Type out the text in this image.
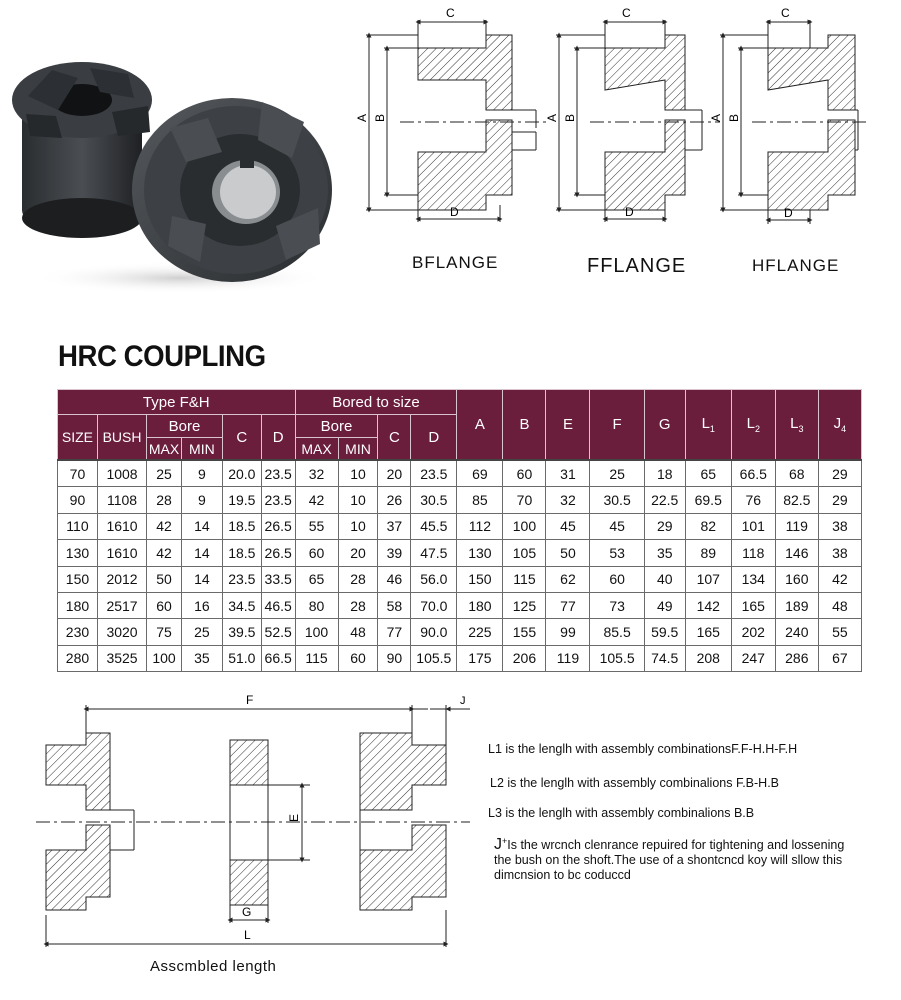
C
D
A B
C
D
A B
C
D
A B
BFLANGE	FFLANGE	HFLANGE
HRC COUPLING
Type F&H						Bored to size				A	B	E	F	G	$L_1$	$L_2$	$L_3$	$J_4$
SIZE	BUSH	Bore		C	D	Bore		C	D									
		MAX	MIN			MAX	MIN											
70	1008	25	9	20.0	23.5	32	10	20	23.5	69	60	31	25	18	65	66.5	68	29
90	1108	28	9	19.5	23.5	42	10	26	30.5	85	70	32	30.5	22.5	69.5	76	82.5	29
110	1610	42	14	18.5	26.5	55	10	37	45.5	112	100	45	45	29	82	101	119	38
130	1610	42	14	18.5	26.5	60	20	39	47.5	130	105	50	53	35	89	118	146	38
150	2012	50	14	23.5	33.5	65	28	46	56.0	150	115	62	60	40	107	134	160	42
180	2517	60	16	34.5	46.5	80	28	58	70.0	180	125	77	73	49	142	165	189	48
230	3020	75	25	39.5	52.5	100	48	77	90.0	225	155	99	85.5	59.5	165	202	240	55
280	3525	100	35	51.0	66.5	115	60	90	105.5	175	206	119	105.5	74.5	208	247	286	67
F	J
E
G
L
Asscmbled length

L1 is the lenglh with assembly combinationsF.F-H.H-F.H

L2 is the lenglh with assembly combinalions F.B-H.B

L3 is the lenglh with assembly combinalions B.B

J+Is the wrcnch clenrance repuired for tightening and lossening the bush on the shoft.The use of a shontcncd koy will sllow this dimcnsion to bc coduccd
